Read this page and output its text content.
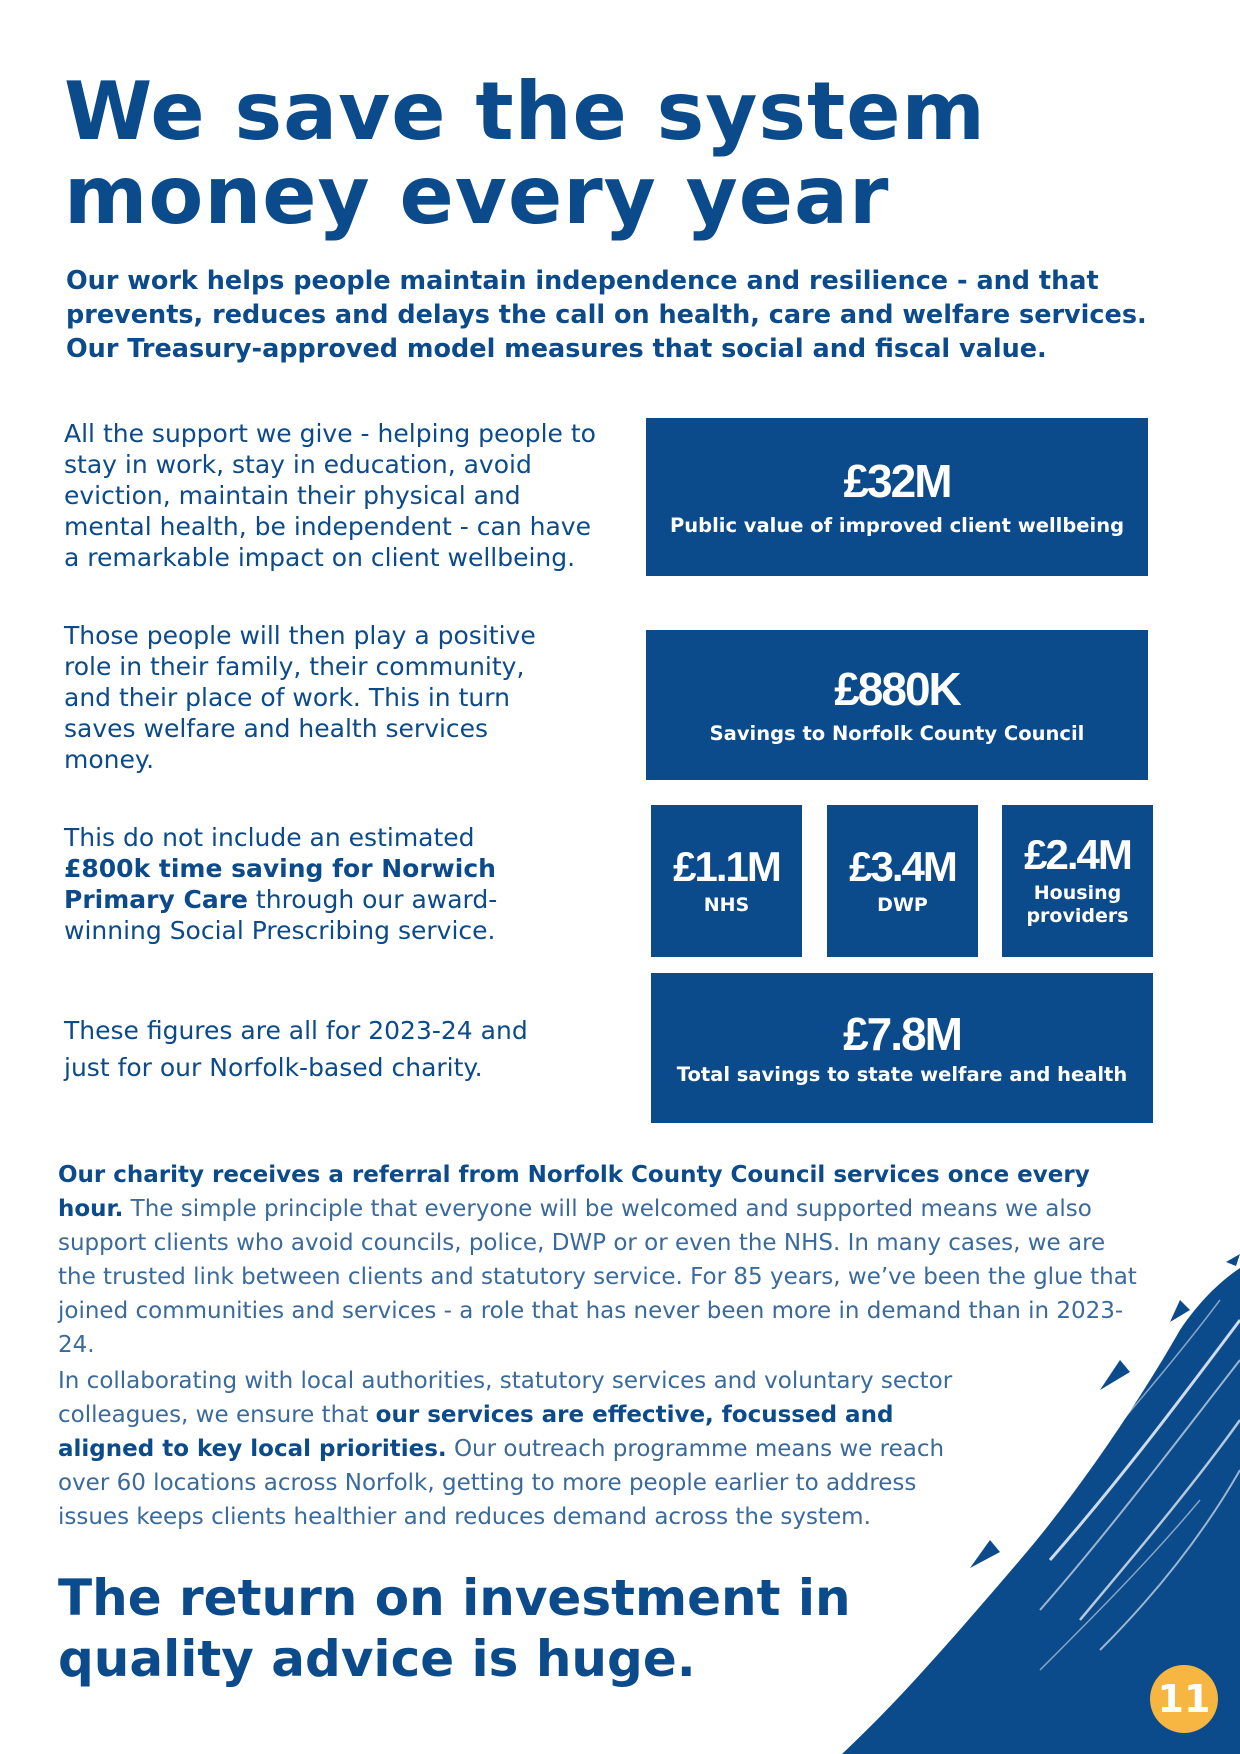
We save the system
money every year

Our work helps people maintain independence and resilience - and that prevents, reduces and delays the call on health, care and welfare services. Our Treasury-approved model measures that social and fiscal value.

All the support we give - helping people to stay in work, stay in education, avoid eviction, maintain their physical and mental health, be independent - can have a remarkable impact on client wellbeing.

Those people will then play a positive role in their family, their community, and their place of work. This in turn saves welfare and health services money.

This do not include an estimated £800k time saving for Norwich Primary Care through our award-winning Social Prescribing service.

These figures are all for 2023-24 and just for our Norfolk-based charity.

£32M
Public value of improved client wellbeing
£880K
Savings to Norfolk County Council
£1.1M
NHS
£3.4M
DWP
£2.4M
Housing providers
£7.8M
Total savings to state welfare and health

Our charity receives a referral from Norfolk County Council services once every hour. The simple principle that everyone will be welcomed and supported means we also support clients who avoid councils, police, DWP or or even the NHS. In many cases, we are the trusted link between clients and statutory service. For 85 years, we’ve been the glue that joined communities and services - a role that has never been more in demand than in 2023-24.

In collaborating with local authorities, statutory services and voluntary sector colleagues, we ensure that our services are effective, focussed and aligned to key local priorities. Our outreach programme means we reach over 60 locations across Norfolk, getting to more people earlier to address issues keeps clients healthier and reduces demand across the system.

The return on investment in
quality advice is huge.
11
